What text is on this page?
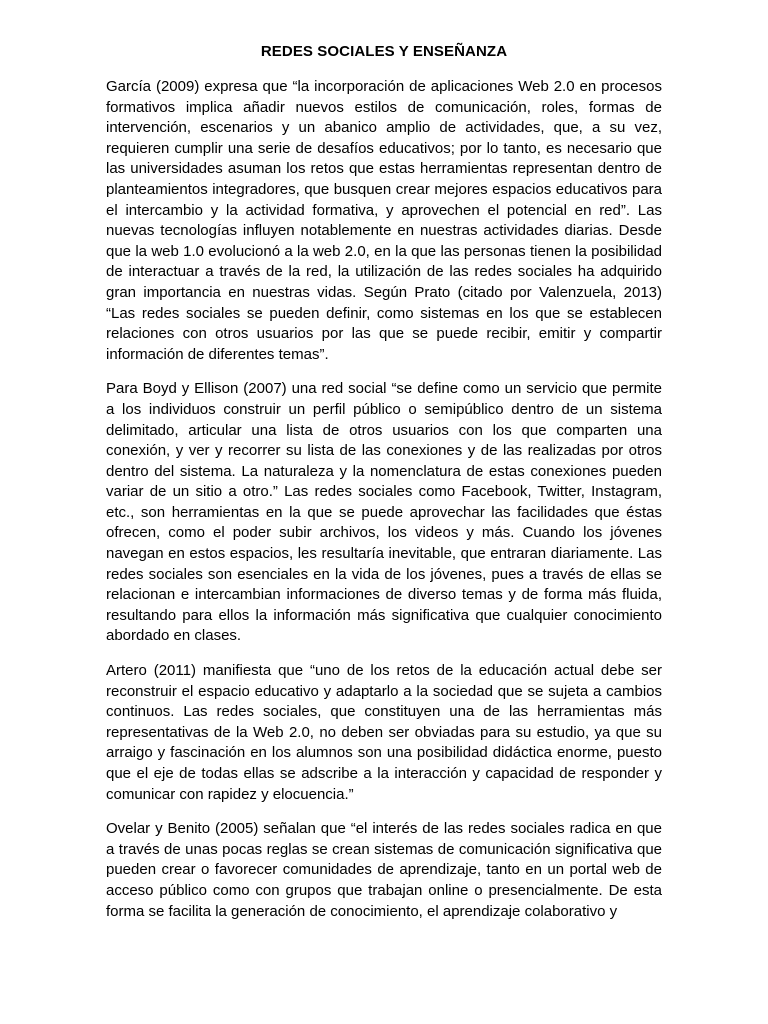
REDES SOCIALES Y ENSEÑANZA

García (2009) expresa que “la incorporación de aplicaciones Web 2.0 en procesos formativos implica añadir nuevos estilos de comunicación, roles, formas de intervención, escenarios y un abanico amplio de actividades, que, a su vez, requieren cumplir una serie de desafíos educativos; por lo tanto, es necesario que las universidades asuman los retos que estas herramientas representan dentro de planteamientos integradores, que busquen crear mejores espacios educativos para el intercambio y la actividad formativa, y aprovechen el potencial en red”. Las nuevas tecnologías influyen notablemente en nuestras actividades diarias. Desde que la web 1.0 evolucionó a la web 2.0, en la que las personas tienen la posibilidad de interactuar a través de la red, la utilización de las redes sociales ha adquirido gran importancia en nuestras vidas. Según Prato (citado por Valenzuela, 2013) “Las redes sociales se pueden definir, como sistemas en los que se establecen relaciones con otros usuarios por las que se puede recibir, emitir y compartir información de diferentes temas”.

Para Boyd y Ellison (2007) una red social “se define como un servicio que permite a los individuos construir un perfil público o semipúblico dentro de un sistema delimitado, articular una lista de otros usuarios con los que comparten una conexión, y ver y recorrer su lista de las conexiones y de las realizadas por otros dentro del sistema. La naturaleza y la nomenclatura de estas conexiones pueden variar de un sitio a otro.” Las redes sociales como Facebook, Twitter, Instagram, etc., son herramientas en la que se puede aprovechar las facilidades que éstas ofrecen, como el poder subir archivos, los videos y más. Cuando los jóvenes navegan en estos espacios, les resultaría inevitable, que entraran diariamente. Las redes sociales son esenciales en la vida de los jóvenes, pues a través de ellas se relacionan e intercambian informaciones de diverso temas y de forma más fluida, resultando para ellos la información más significativa que cualquier conocimiento abordado en clases.

Artero (2011) manifiesta que “uno de los retos de la educación actual debe ser reconstruir el espacio educativo y adaptarlo a la sociedad que se sujeta a cambios continuos. Las redes sociales, que constituyen una de las herramientas más representativas de la Web 2.0, no deben ser obviadas para su estudio, ya que su arraigo y fascinación en los alumnos son una posibilidad didáctica enorme, puesto que el eje de todas ellas se adscribe a la interacción y capacidad de responder y comunicar con rapidez y elocuencia.”

Ovelar y Benito (2005) señalan que “el interés de las redes sociales radica en que a través de unas pocas reglas se crean sistemas de comunicación significativa que pueden crear o favorecer comunidades de aprendizaje, tanto en un portal web de acceso público como con grupos que trabajan online o presencialmente. De esta forma se facilita la generación de conocimiento, el aprendizaje colaborativo y
